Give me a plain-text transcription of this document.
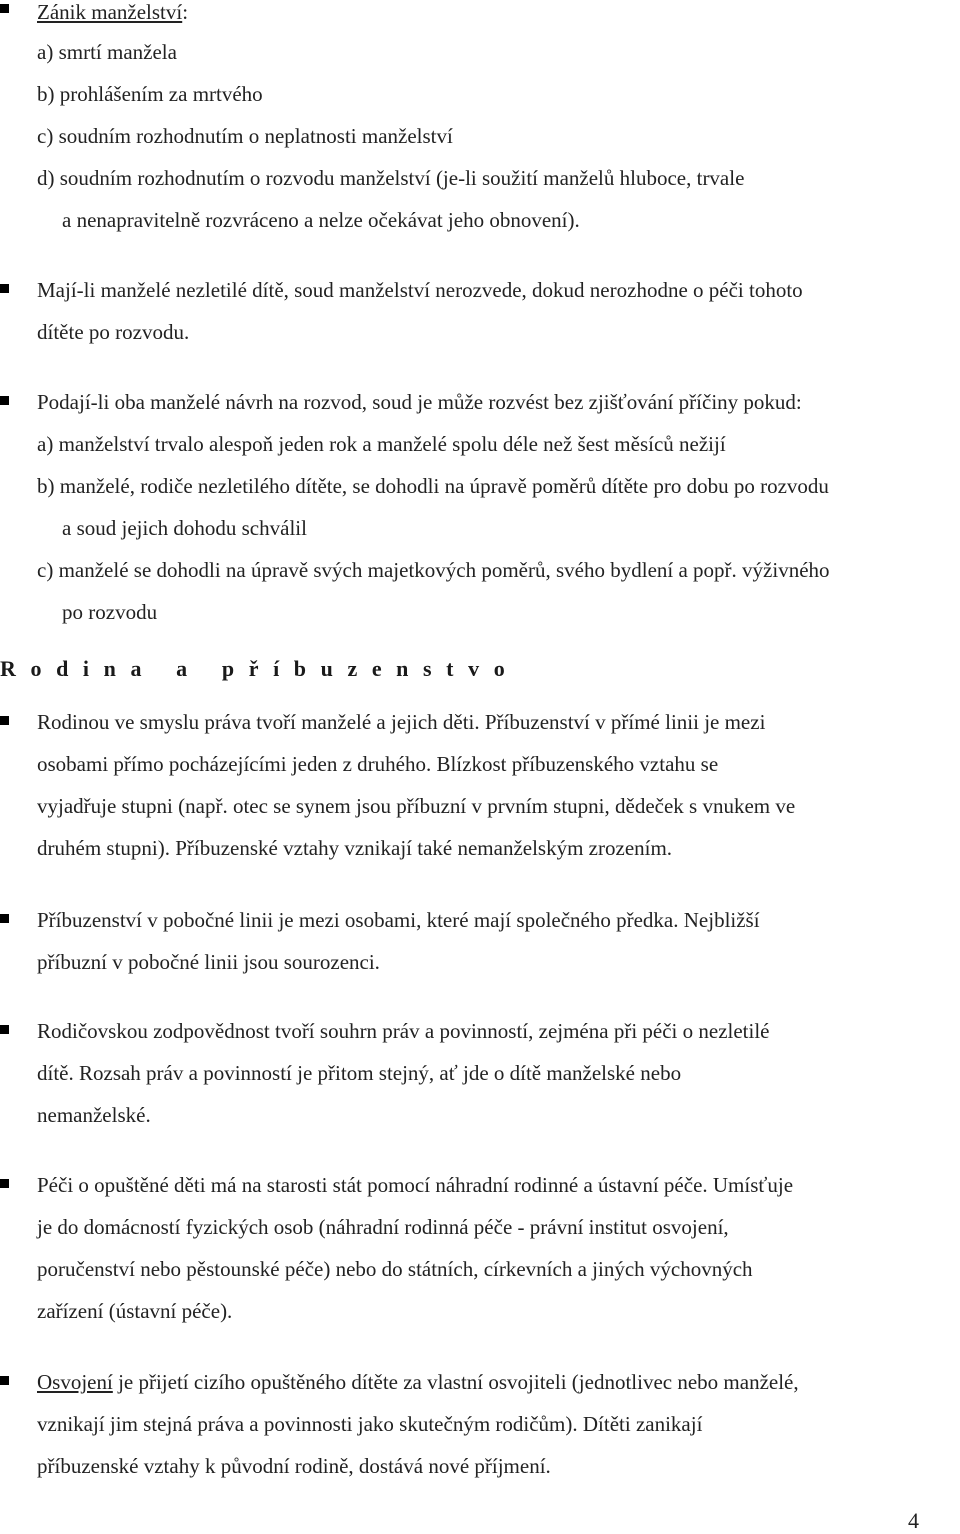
Zánik manželství:
a) smrtí manžela
b) prohlášením za mrtvého
c) soudním rozhodnutím o neplatnosti manželství
d) soudním rozhodnutím o rozvodu manželství (je-li soužití manželů hluboce, trvale
a nenapravitelně rozvráceno a nelze očekávat jeho obnovení).
Mají-li manželé nezletilé dítě, soud manželství nerozvede, dokud nerozhodne o péči tohoto
dítěte po rozvodu.
Podají-li oba manželé návrh na rozvod, soud je může rozvést bez zjišťování příčiny pokud:
a) manželství trvalo alespoň jeden rok a manželé spolu déle než šest měsíců nežijí
b) manželé, rodiče nezletilého dítěte, se dohodli na úpravě poměrů dítěte pro dobu po rozvodu
a soud jejich dohodu schválil
c) manželé se dohodli na úpravě svých majetkových poměrů, svého bydlení a popř. výživného
po rozvodu
Rodina a příbuzenstvo
Rodinou ve smyslu práva tvoří manželé a jejich děti. Příbuzenství v přímé linii je mezi
osobami přímo pocházejícími jeden z druhého. Blízkost příbuzenského vztahu se
vyjadřuje stupni (např. otec se synem jsou příbuzní v prvním stupni, dědeček s vnukem ve
druhém stupni). Příbuzenské vztahy vznikají také nemanželským zrozením.
Příbuzenství v pobočné linii je mezi osobami, které mají společného předka. Nejbližší
příbuzní v pobočné linii jsou sourozenci.
Rodičovskou zodpovědnost tvoří souhrn práv a povinností, zejména při péči o nezletilé
dítě. Rozsah práv a povinností je přitom stejný, ať jde o dítě manželské nebo
nemanželské.
Péči o opuštěné děti má na starosti stát pomocí náhradní rodinné a ústavní péče. Umísťuje
je do domácností fyzických osob (náhradní rodinná péče - právní institut osvojení,
poručenství nebo pěstounské péče) nebo do státních, církevních a jiných výchovných
zařízení (ústavní péče).
Osvojení je přijetí cizího opuštěného dítěte za vlastní osvojiteli (jednotlivec nebo manželé,
vznikají jim stejná práva a povinnosti jako skutečným rodičům). Dítěti zanikají
příbuzenské vztahy k původní rodině, dostává nové příjmení.
4
